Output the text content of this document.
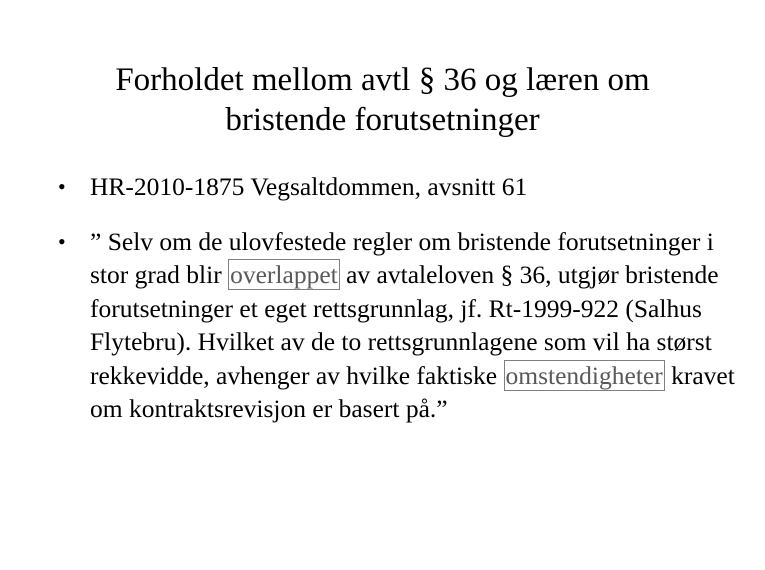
Forholdet mellom avtl § 36 og læren om
bristende forutsetninger
• HR-2010-1875 Vegsaltdommen, avsnitt 61
• ” Selv om de ulovfestede regler om bristende forutsetninger i stor grad blir overlappet av avtaleloven § 36, utgjør bristende forutsetninger et eget rettsgrunnlag, jf. Rt-1999-922 (Salhus Flytebru). Hvilket av de to rettsgrunnlagene som vil ha størst rekkevidde, avhenger av hvilke faktiske omstendigheter kravet om kontraktsrevisjon er basert på.”
